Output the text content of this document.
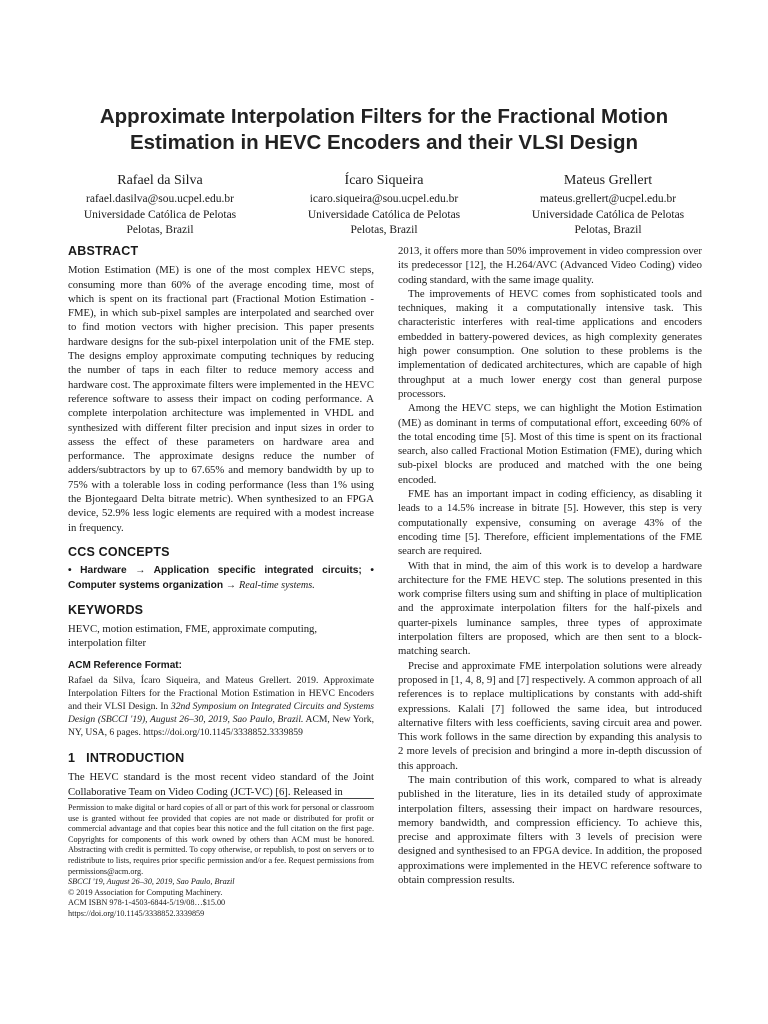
Approximate Interpolation Filters for the Fractional Motion
Estimation in HEVC Encoders and their VLSI Design
Rafael da Silva
rafael.dasilva@sou.ucpel.edu.br
Universidade Católica de Pelotas
Pelotas, Brazil
Ícaro Siqueira
icaro.siqueira@sou.ucpel.edu.br
Universidade Católica de Pelotas
Pelotas, Brazil
Mateus Grellert
mateus.grellert@ucpel.edu.br
Universidade Católica de Pelotas
Pelotas, Brazil
ABSTRACT

Motion Estimation (ME) is one of the most complex HEVC steps, consuming more than 60% of the average encoding time, most of which is spent on its fractional part (Fractional Motion Estimation - FME), in which sub-pixel samples are interpolated and searched over to find motion vectors with higher precision. This paper presents hardware designs for the sub-pixel interpolation unit of the FME step. The designs employ approximate computing techniques by reducing the number of taps in each filter to reduce memory access and hardware cost. The approximate filters were implemented in the HEVC reference software to assess their impact on coding performance. A complete interpolation architecture was implemented in VHDL and synthesized with different filter precision and input sizes in order to assess the effect of these parameters on hardware area and performance. The approximate designs reduce the number of adders/subtractors by up to 67.65% and memory bandwidth by up to 75% with a tolerable loss in coding performance (less than 1% using the Bjontegaard Delta bitrate metric). When synthesized to an FPGA device, 52.9% less logic elements are required with a modest increase in frequency.

CCS CONCEPTS

• Hardware → Application specific integrated circuits; • Computer systems organization → Real-time systems.

KEYWORDS

HEVC, motion estimation, FME, approximate computing, interpolation filter

ACM Reference Format:

Rafael da Silva, Ícaro Siqueira, and Mateus Grellert. 2019. Approximate Interpolation Filters for the Fractional Motion Estimation in HEVC Encoders and their VLSI Design. In 32nd Symposium on Integrated Circuits and Systems Design (SBCCI '19), August 26–30, 2019, Sao Paulo, Brazil. ACM, New York, NY, USA, 6 pages. https://doi.org/10.1145/3338852.3339859

1   INTRODUCTION

The HEVC standard is the most recent video standard of the Joint Collaborative Team on Video Coding (JCT-VC) [6]. Released in

Permission to make digital or hard copies of all or part of this work for personal or classroom use is granted without fee provided that copies are not made or distributed for profit or commercial advantage and that copies bear this notice and the full citation on the first page. Copyrights for components of this work owned by others than ACM must be honored. Abstracting with credit is permitted. To copy otherwise, or republish, to post on servers or to redistribute to lists, requires prior specific permission and/or a fee. Request permissions from permissions@acm.org.

SBCCI '19, August 26–30, 2019, Sao Paulo, Brazil

© 2019 Association for Computing Machinery.

ACM ISBN 978-1-4503-6844-5/19/08…$15.00

https://doi.org/10.1145/3338852.3339859

2013, it offers more than 50% improvement in video compression over its predecessor [12], the H.264/AVC (Advanced Video Coding) video coding standard, with the same image quality.

The improvements of HEVC comes from sophisticated tools and techniques, making it a computationally intensive task. This characteristic interferes with real-time applications and encoders embedded in battery-powered devices, as high complexity generates high power consumption. One solution to these problems is the implementation of dedicated architectures, which are capable of high throughput at a much lower energy cost than general purpose processors.

Among the HEVC steps, we can highlight the Motion Estimation (ME) as dominant in terms of computational effort, exceeding 60% of the total encoding time [5]. Most of this time is spent on its fractional search, also called Fractional Motion Estimation (FME), during which sub-pixel blocks are produced and matched with the one being encoded.

FME has an important impact in coding efficiency, as disabling it leads to a 14.5% increase in bitrate [5]. However, this step is very computationally expensive, consuming on average 43% of the encoding time [5]. Therefore, efficient implementations of the FME search are required.

With that in mind, the aim of this work is to develop a hardware architecture for the FME HEVC step. The solutions presented in this work comprise filters using sum and shifting in place of multiplication and the approximate interpolation filters for the half-pixels and quarter-pixels luminance samples, three types of approximate interpolation filters are proposed, which are then sent to a block-matching search.

Precise and approximate FME interpolation solutions were already proposed in [1, 4, 8, 9] and [7] respectively. A common approach of all references is to replace multiplications by constants with add-shift expressions. Kalali [7] followed the same idea, but introduced alternative filters with less coefficients, saving circuit area and power. This work follows in the same direction by expanding this analysis to 2 more levels of precision and bringind a more in-depth discussion of this approach.

The main contribution of this work, compared to what is already published in the literature, lies in its detailed study of approximate interpolation filters, assessing their impact on hardware resources, memory bandwidth, and compression efficiency. To achieve this, precise and approximate filters with 3 levels of precision were designed and synthesised to an FPGA device. In addition, the proposed approximations were implemented in the HEVC reference software to obtain compression results.
